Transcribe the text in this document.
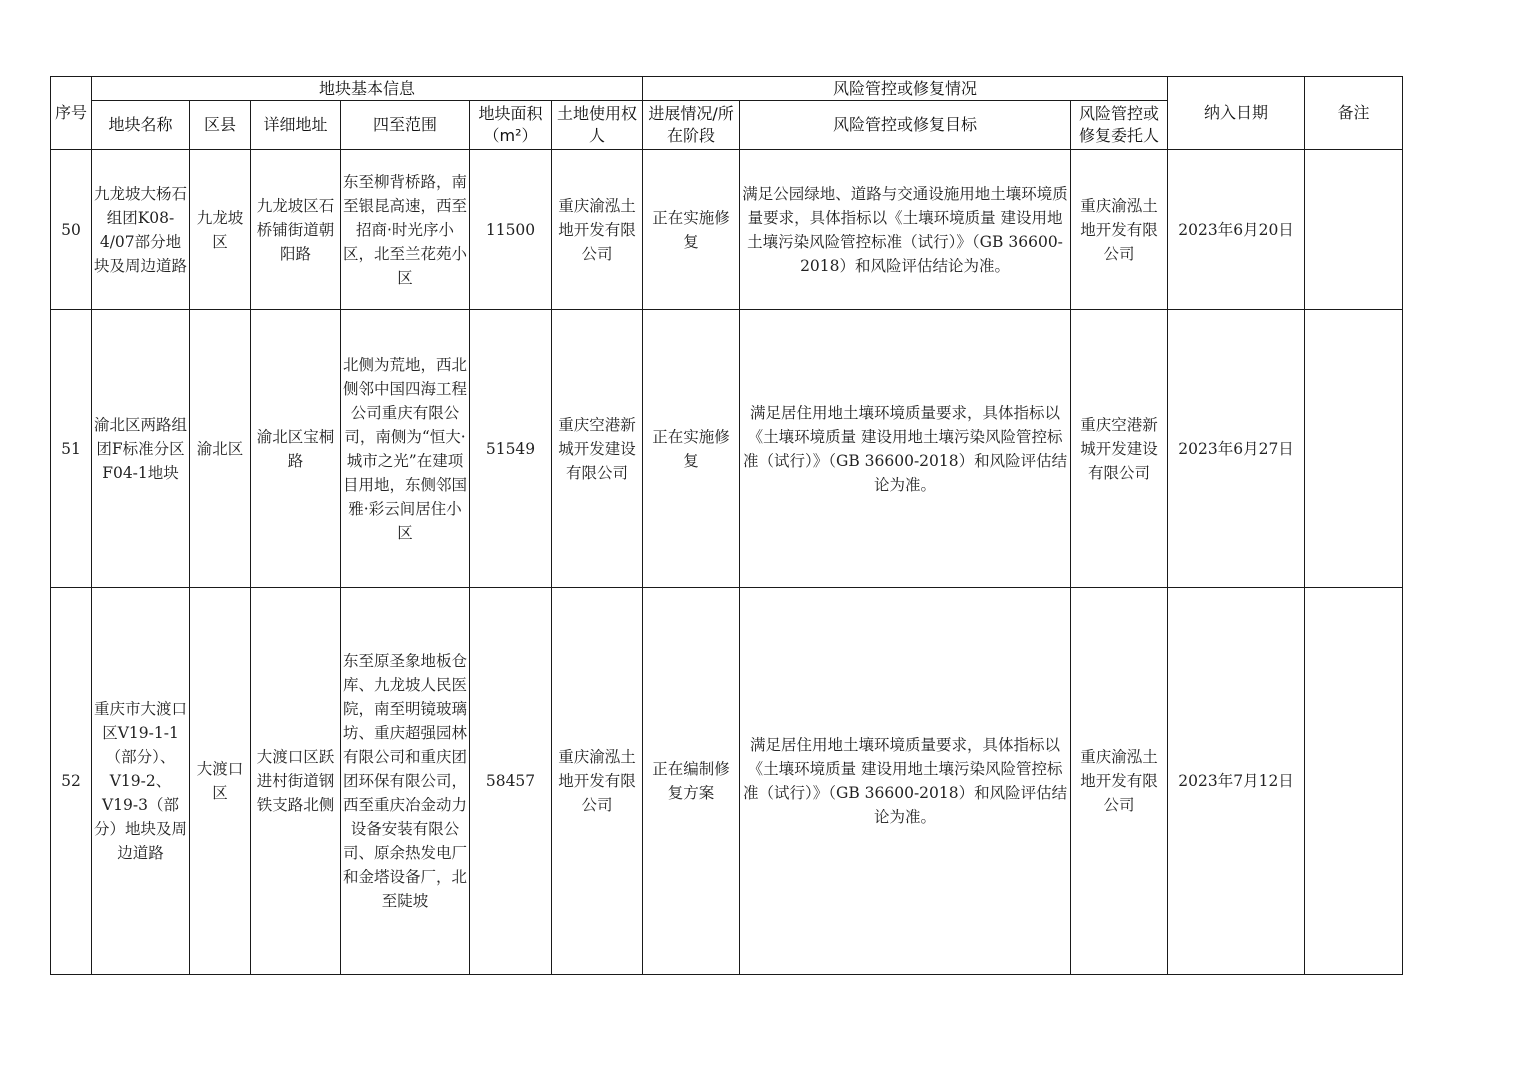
序号	地块基本信息						风险管控或修复情况			纳入日期	备注
	地块名称	区县	详细地址	四至范围	地块面积（m²）	土地使用权人	进展情况/所在阶段	风险管控或修复目标	风险管控或修复委托人		
50	九龙坡大杨石组团K08-4/07部分地块及周边道路	九龙坡区	九龙坡区石桥铺街道朝阳路	东至柳背桥路，南至银昆高速，西至招商·时光序小区，北至兰花苑小区	11500	重庆渝泓土地开发有限公司	正在实施修复	满足公园绿地、道路与交通设施用地土壤环境质量要求，具体指标以《土壤环境质量 建设用地土壤污染风险管控标准（试行）》（GB 36600-2018）和风险评估结论为准。	重庆渝泓土地开发有限公司	2023年6月20日	
51	渝北区两路组团F标准分区F04-1地块	渝北区	渝北区宝桐路	北侧为荒地，西北侧邻中国四海工程公司重庆有限公司，南侧为“恒大·城市之光”在建项目用地，东侧邻国雅·彩云间居住小区	51549	重庆空港新城开发建设有限公司	正在实施修复	满足居住用地土壤环境质量要求，具体指标以《土壤环境质量 建设用地土壤污染风险管控标准（试行）》（GB 36600-2018）和风险评估结论为准。	重庆空港新城开发建设有限公司	2023年6月27日	
52	重庆市大渡口区V19-1-1（部分）、V19-2、V19-3（部分）地块及周边道路	大渡口区	大渡口区跃进村街道钢铁支路北侧	东至原圣象地板仓库、九龙坡人民医院，南至明镜玻璃坊、重庆超强园林有限公司和重庆团团环保有限公司，西至重庆冶金动力设备安装有限公司、原余热发电厂和金塔设备厂，北至陡坡	58457	重庆渝泓土地开发有限公司	正在编制修复方案	满足居住用地土壤环境质量要求，具体指标以《土壤环境质量 建设用地土壤污染风险管控标准（试行）》（GB 36600-2018）和风险评估结论为准。	重庆渝泓土地开发有限公司	2023年7月12日	
